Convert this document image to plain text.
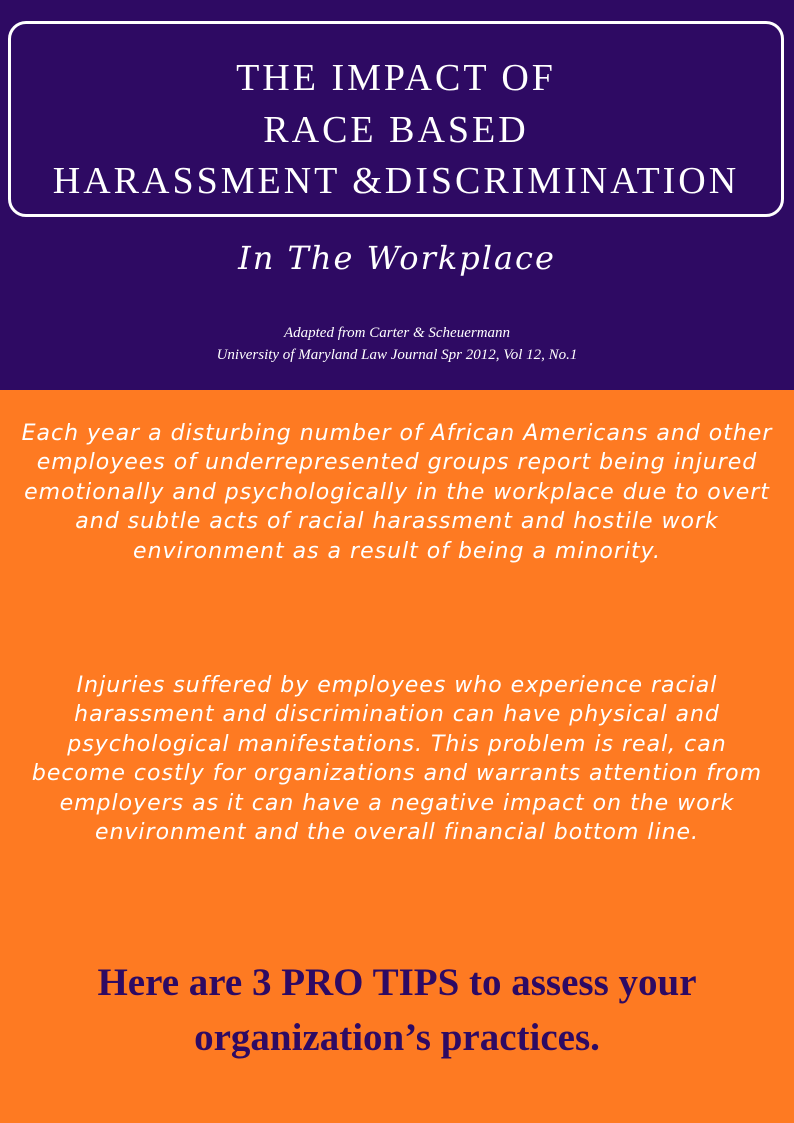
THE IMPACT OF
RACE BASED
HARASSMENT &DISCRIMINATION
In The Workplace
Adapted from Carter & Scheuermann
University of Maryland Law Journal Spr 2012, Vol 12, No.1
Each year a disturbing number of African Americans and other employees of underrepresented groups report being injured emotionally and psychologically in the workplace due to overt and subtle acts of racial harassment and hostile work environment as a result of being a minority.
Injuries suffered by employees who experience racial harassment and discrimination can have physical and psychological manifestations. This problem is real, can become costly for organizations and warrants attention from employers as it can have a negative impact on the work environment and the overall financial bottom line.
Here are 3 PRO TIPS to assess your organization’s practices.
